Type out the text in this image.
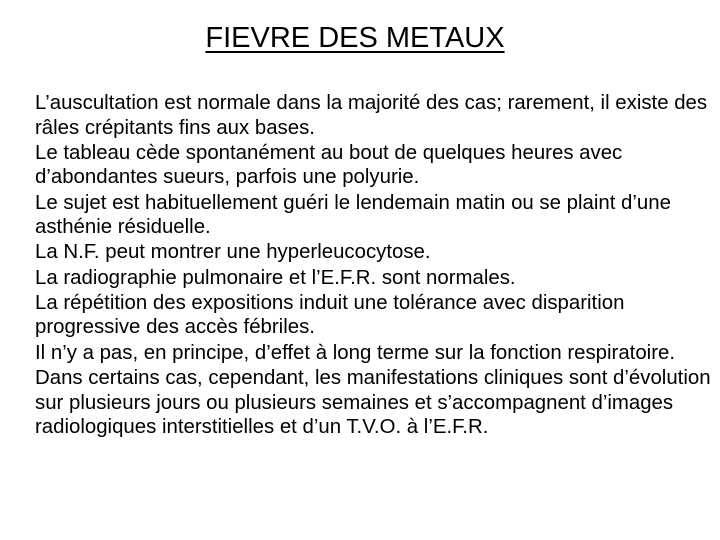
FIEVRE DES METAUX
L’auscultation est normale dans la majorité des cas; rarement, il existe des râles crépitants fins aux bases.
Le tableau cède spontanément au bout de quelques heures avec d’abondantes sueurs, parfois une polyurie.
Le sujet est habituellement guéri le lendemain matin ou se plaint d’une asthénie résiduelle.
La N.F. peut montrer une hyperleucocytose.
La radiographie pulmonaire et l’E.F.R. sont normales.
La répétition des expositions induit une tolérance avec disparition progressive des accès fébriles.
Il n’y a pas, en principe, d’effet à long terme sur la fonction respiratoire.
Dans certains cas, cependant, les manifestations cliniques sont d’évolution sur plusieurs jours ou plusieurs semaines et s’accompagnent d’images radiologiques interstitielles et d’un T.V.O. à l’E.F.R.
